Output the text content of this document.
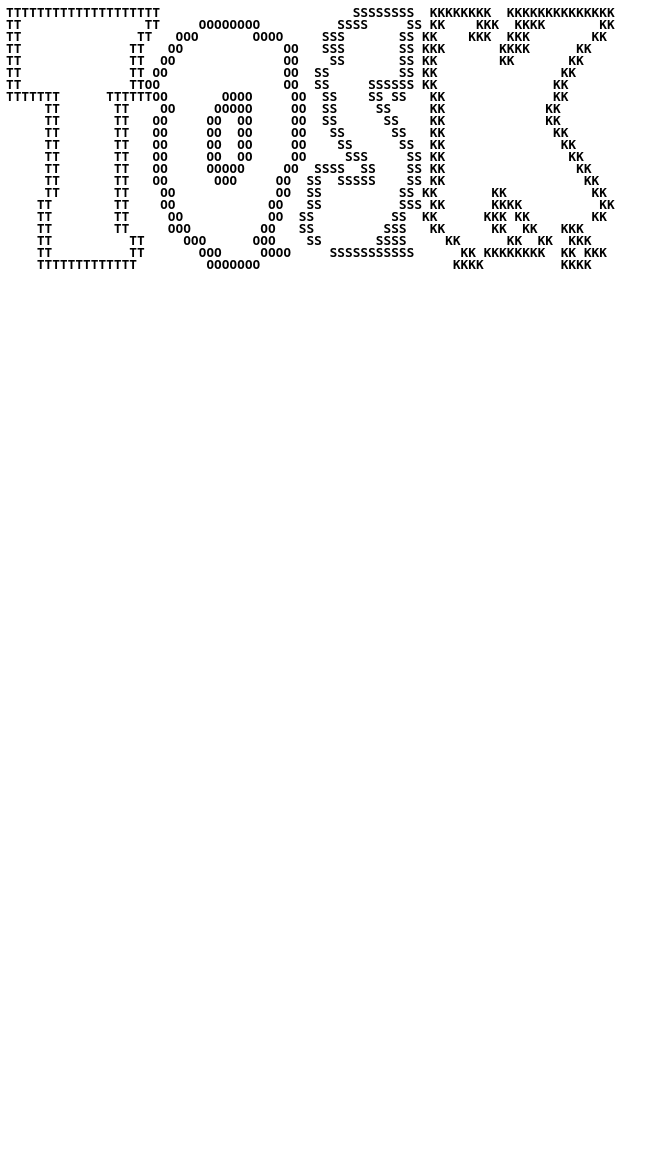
TTTTTTTTTTTTTTTTTTTT                         SSSSSSSS  KKKKKKKK  KKKKKKKKKKKKKK
TT                TT     OOOOOOOO          SSSS     SS KK    KKK  KKKK       KK
TT               TT   OOO       OOOO     SSS       SS KK    KKK  KKK        KK
TT              TT   OO             OO   SSS       SS KKK       KKKK      KK
TT              TT  OO              OO    SS       SS KK        KK       KK
TT              TT OO               OO  SS         SS KK                KK
TT              TTOO                OO  SS     SSSSSS KK               KK
TTTTTTT      TTTTTTOO       OOOO     OO  SS    SS SS   KK              KK
TT       TT    OO     OOOOO     OO  SS     SS     KK             KK
TT       TT   OO     OO  OO     OO  SS      SS    KK             KK
TT       TT   OO     OO  OO     OO   SS      SS   KK              KK
TT       TT   OO     OO  OO     OO    SS      SS  KK               KK
TT       TT   OO     OO  OO     OO     SSS     SS KK                KK
TT       TT   OO     OOOOO     OO  SSSS  SS    SS KK                 KK
TT       TT   OO      OOO     OO  SS  SSSSS    SS KK                  KK
TT       TT    OO             OO  SS          SS KK       KK           KK
TT        TT    OO            OO   SS          SSS KK      KKKK          KK
TT        TT     OO           OO  SS          SS  KK      KKK KK        KK
TT        TT     OOO         OO   SS         SSS   KK      KK  KK   KKK
TT          TT     OOO      OOO    SS       SSSS     KK      KK  KK  KKK
TT          TT       OOO     OOOO     SSSSSSSSSSS      KK KKKKKKKK  KK KKK
TTTTTTTTTTTTT         OOOOOOO                         KKKK          KKKK
